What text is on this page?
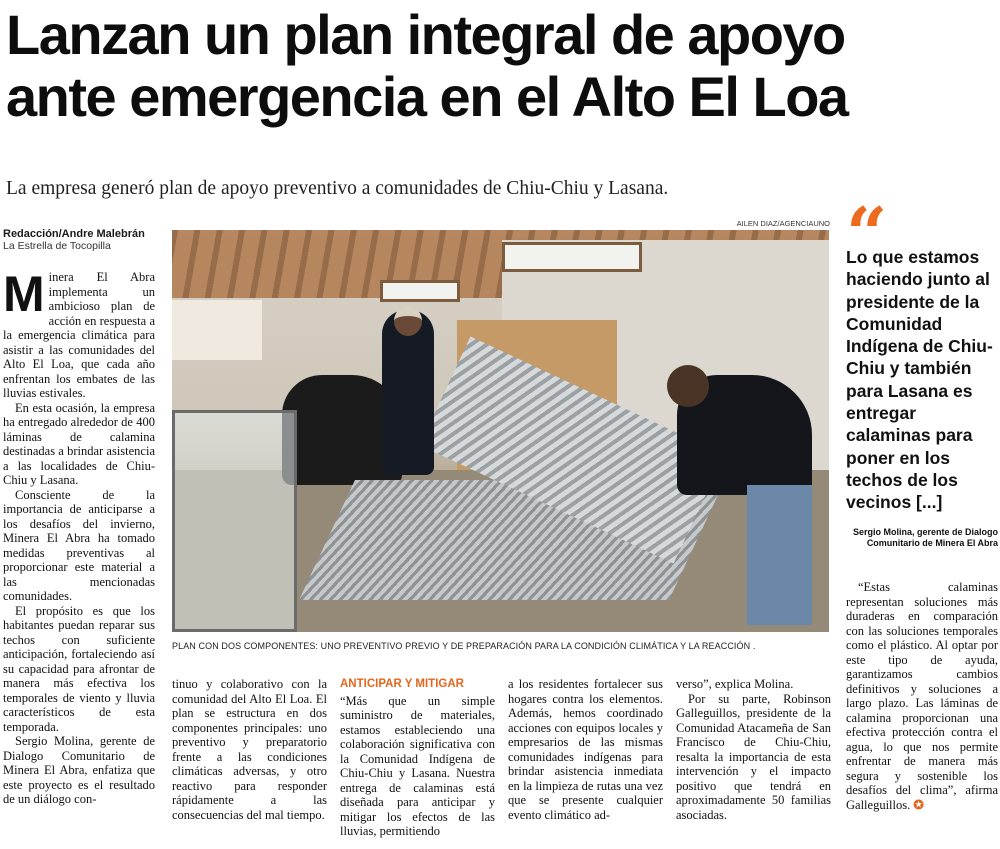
Lanzan un plan integral de apoyo
ante emergencia en el Alto El Loa
La empresa generó plan de apoyo preventivo a comunidades de Chiu-Chiu y Lasana.
Redacción/Andre Malebrán
La Estrella de Tocopilla
AILEN DIAZ/AGENCIAUNO
PLAN CON DOS COMPONENTES: UNO PREVENTIVO PREVIO Y DE PREPARACIÓN PARA LA CONDICIÓN CLIMÁTICA Y LA REACCIÓN .

Minera El Abra implementa un ambicioso plan de acción en respuesta a la emergencia climática para asistir a las comunidades del Alto El Loa, que cada año enfrentan los embates de las lluvias estivales.

En esta ocasión, la empresa ha entregado alrededor de 400 láminas de calamina destinadas a brindar asistencia a las localidades de Chiu-Chiu y Lasana.

Consciente de la importancia de anticiparse a los desafíos del invierno, Minera El Abra ha tomado medidas preventivas al proporcionar este material a las mencionadas comunidades.

El propósito es que los habitantes puedan reparar sus techos con suficiente anticipación, fortaleciendo así su capacidad para afrontar de manera más efectiva los temporales de viento y lluvia característicos de esta temporada.

Sergio Molina, gerente de Dialogo Comunitario de Minera El Abra, enfatiza que este proyecto es el resultado de un diálogo con-

tinuo y colaborativo con la comunidad del Alto El Loa. El plan se estructura en dos componentes principales: uno preventivo y preparatorio frente a las condiciones climáticas adversas, y otro reactivo para responder rápidamente a las consecuencias del mal tiempo.

ANTICIPAR Y MITIGAR

“Más que un simple suministro de materiales, estamos estableciendo una colaboración significativa con la Comunidad Indígena de Chiu-Chiu y Lasana. Nuestra entrega de calaminas está diseñada para anticipar y mitigar los efectos de las lluvias, permitiendo

a los residentes fortalecer sus hogares contra los elementos. Además, hemos coordinado acciones con equipos locales y empresarios de las mismas comunidades indígenas para brindar asistencia inmediata en la limpieza de rutas una vez que se presente cualquier evento climático ad-

verso”, explica Molina.

Por su parte, Robinson Galleguillos, presidente de la Comunidad Atacameña de San Francisco de Chiu-Chiu, resalta la importancia de esta intervención y el impacto positivo que tendrá en aproximadamente 50 familias asociadas.

“
Lo que estamos haciendo junto al presidente de la Comunidad Indígena de Chiu-Chiu y también para Lasana es entregar calaminas para poner en los techos de los vecinos [...]
Sergio Molina, gerente de Dialogo Comunitario de Minera El Abra

“Estas calaminas representan soluciones más duraderas en comparación con las soluciones temporales como el plástico. Al optar por este tipo de ayuda, garantizamos cambios definitivos y soluciones a largo plazo. Las láminas de calamina proporcionan una efectiva protección contra el agua, lo que nos permite enfrentar de manera más segura y sostenible los desafíos del clima”, afirma Galleguillos. ✪
